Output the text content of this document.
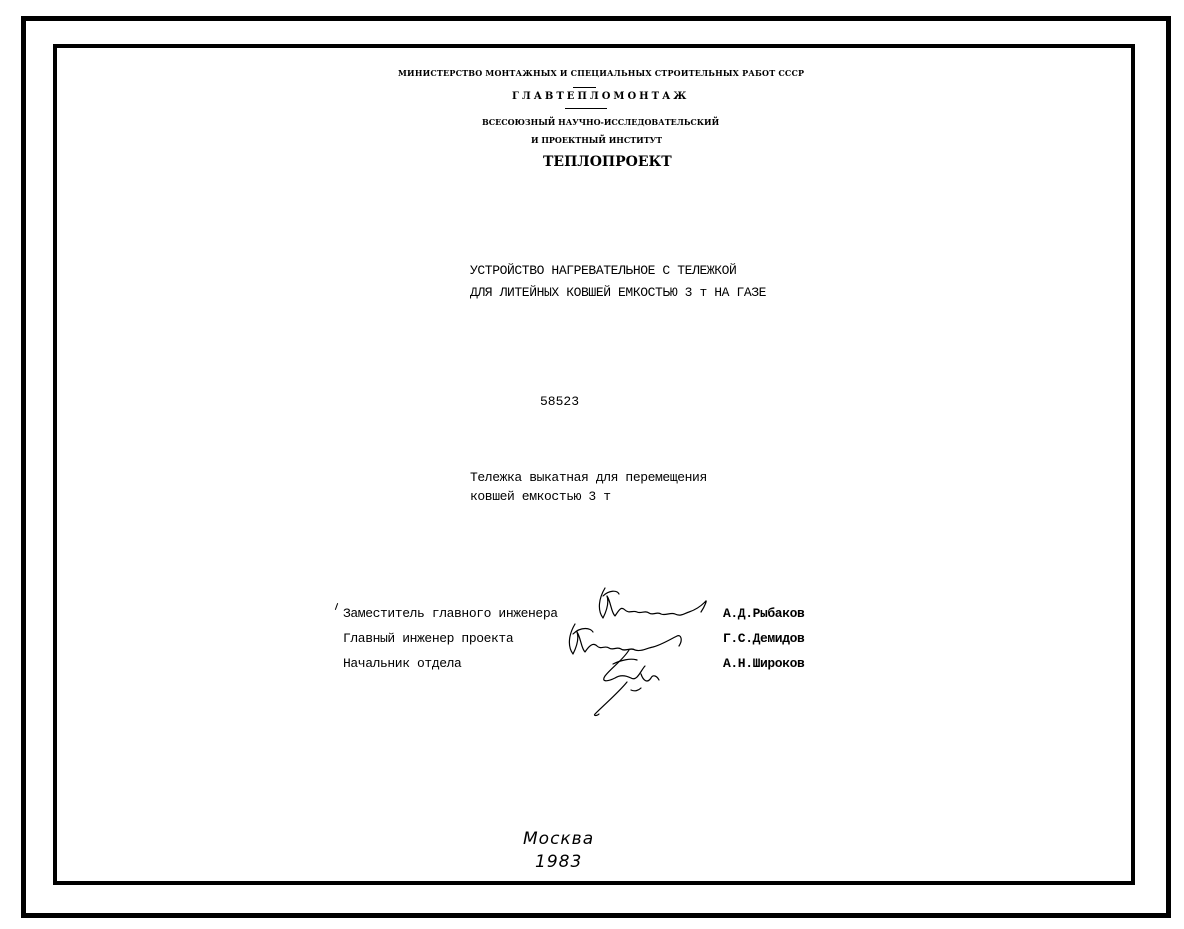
МИНИСТЕРСТВО МОНТАЖНЫХ И СПЕЦИАЛЬНЫХ СТРОИТЕЛЬНЫХ РАБОТ СССР
ГЛАВТЕПЛОМОНТАЖ
ВСЕСОЮЗНЫЙ НАУЧНО-ИССЛЕДОВАТЕЛЬСКИЙ
И ПРОЕКТНЫЙ ИНСТИТУТ
ТЕПЛОПРОЕКТ
УСТРОЙСТВО НАГРЕВАТЕЛЬНОЕ С ТЕЛЕЖКОЙ
ДЛЯ ЛИТЕЙНЫХ КОВШЕЙ ЕМКОСТЬЮ 3 т НА ГАЗЕ
58523
Тележка выкатная для перемещения
ковшей емкостью 3 т
Заместитель главного инженера
Главный инженер проекта
Начальник отдела
А.Д.Рыбаков
Г.С.Демидов
А.Н.Широков
Москва
1983
